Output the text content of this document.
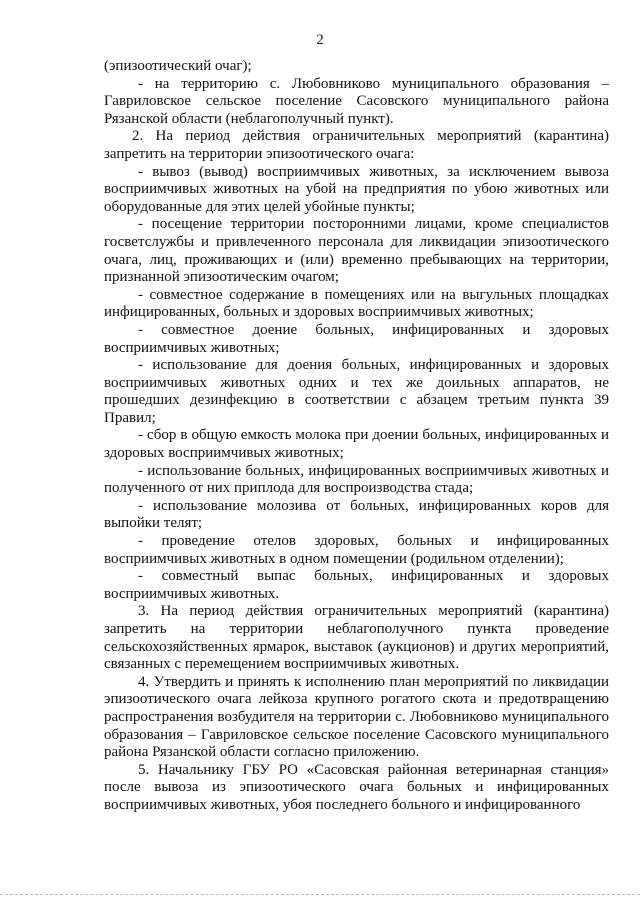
2

(эпизоотический очаг);

- на территорию с. Любовниково муниципального образования – Гавриловское сельское поселение Сасовского муниципального района Рязанской области (неблагополучный пункт).

2. На период действия ограничительных мероприятий (карантина) запретить на территории эпизоотического очага:

- вывоз (вывод) восприимчивых животных, за исключением вывоза восприимчивых животных на убой на предприятия по убою животных или оборудованные для этих целей убойные пункты;

- посещение территории посторонними лицами, кроме специалистов госветслужбы и привлеченного персонала для ликвидации эпизоотического очага, лиц, проживающих и (или) временно пребывающих на территории, признанной эпизоотическим очагом;

- совместное содержание в помещениях или на выгульных площадках инфицированных, больных и здоровых восприимчивых животных;

- совместное доение больных, инфицированных и здоровых восприимчивых животных;

- использование для доения больных, инфицированных и здоровых восприимчивых животных одних и тех же доильных аппаратов, не прошедших дезинфекцию в соответствии с абзацем третьим пункта 39 Правил;

- сбор в общую емкость молока при доении больных, инфицированных и здоровых восприимчивых животных;

- использование больных, инфицированных восприимчивых животных и полученного от них приплода для воспроизводства стада;

- использование молозива от больных, инфицированных коров для выпойки телят;

- проведение отелов здоровых, больных и инфицированных восприимчивых животных в одном помещении (родильном отделении);

- совместный выпас больных, инфицированных и здоровых восприимчивых животных.

3. На период действия ограничительных мероприятий (карантина) запретить на территории неблагополучного пункта проведение сельскохозяйственных ярмарок, выставок (аукционов) и других мероприятий, связанных с перемещением восприимчивых животных.

4. Утвердить и принять к исполнению план мероприятий по ликвидации эпизоотического очага лейкоза крупного рогатого скота и предотвращению распространения возбудителя на территории с. Любовниково муниципального образования – Гавриловское сельское поселение Сасовского муниципального района Рязанской области согласно приложению.

5. Начальнику ГБУ РО «Сасовская районная ветеринарная станция» после вывоза из эпизоотического очага больных и инфицированных восприимчивых животных, убоя последнего больного и инфицированного
